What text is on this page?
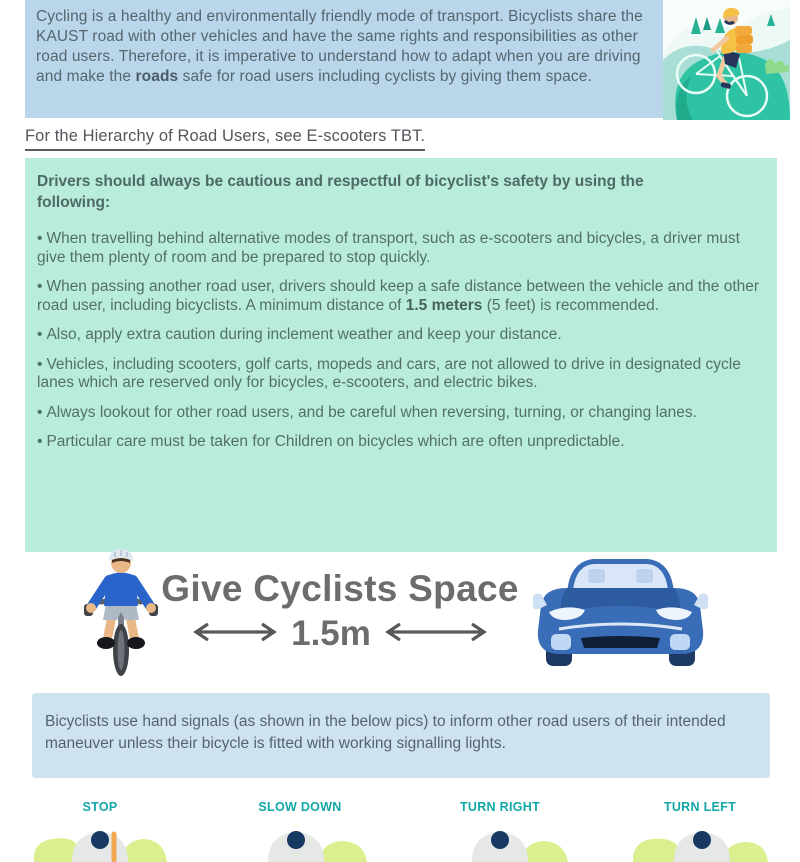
Cycling is a healthy and environmentally friendly mode of transport. Bicyclists share the KAUST road with other vehicles and have the same rights and responsibilities as other road users. Therefore, it is imperative to understand how to adapt when you are driving and make the roads safe for road users including cyclists by giving them space.

For the Hierarchy of Road Users, see E-scooters TBT.

Drivers should always be cautious and respectful of bicyclist's safety by using the following:

• When travelling behind alternative modes of transport, such as e-scooters and bicycles, a driver must give them plenty of room and be prepared to stop quickly.

• When passing another road user, drivers should keep a safe distance between the vehicle and the other road user, including bicyclists. A minimum distance of 1.5 meters (5 feet) is recommended.

• Also, apply extra caution during inclement weather and keep your distance.

• Vehicles, including scooters, golf carts, mopeds and cars, are not allowed to drive in designated cycle lanes which are reserved only for bicycles, e-scooters, and electric bikes.

• Always lookout for other road users, and be careful when reversing, turning, or changing lanes.

• Particular care must be taken for Children on bicycles which are often unpredictable.

Give Cyclists Space
1.5m

Bicyclists use hand signals (as shown in the below pics) to inform other road users of their intended maneuver unless their bicycle is fitted with working signalling lights.

STOP	SLOW DOWN	TURN RIGHT	TURN LEFT
